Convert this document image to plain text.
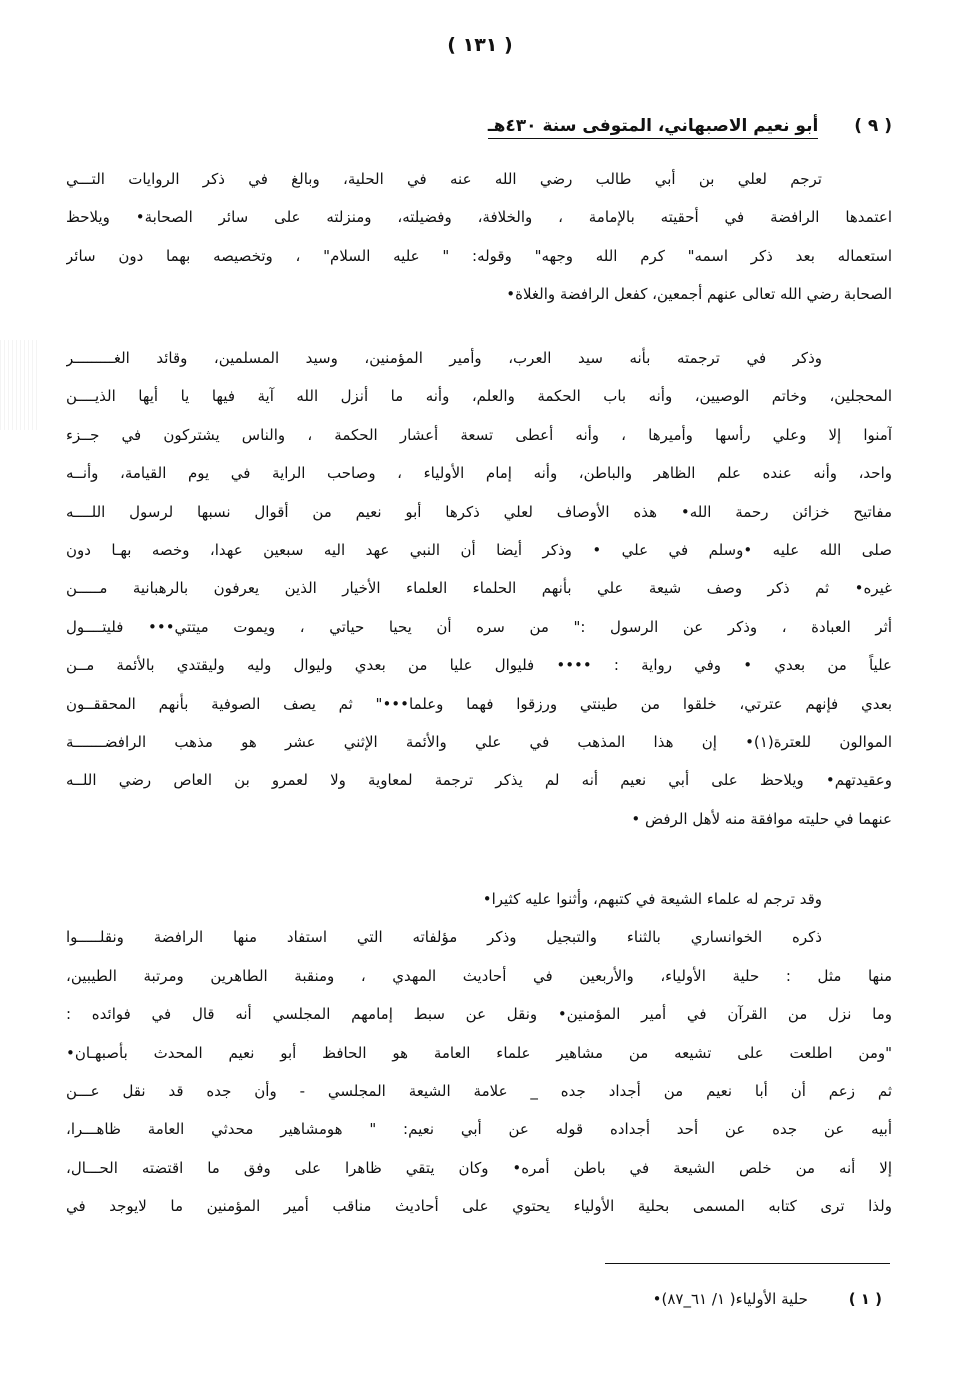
( ١٣١ )
( ٩ ) أبو نعيم الاصبهاني، المتوفى سنة ٤٣٠هـ
ترجم لعلي بن أبي طالب رضي الله عنه في الحلية، وبالغ في ذكر الروايات التـــي
اعتمدها الرافضة في أحقيته بالإمامة ، والخلافة، وفضيلته، ومنزلته على سائر الصحابة• ويلاحظ
استعماله بعد ذكر اسمه" كرم الله وجهه" وقوله: " عليه السلام" ، وتخصيصه بهما دون سائر
الصحابة رضي الله تعالى عنهم أجمعين، كفعل الرافضة والغلاة•
وذكر في ترجمته بأنه سيد العرب، وأمير المؤمنين، وسيد المسلمين، وقائد الغـــــــــر
المحجلين، وخاتم الوصيين، وأنه باب الحكمة والعلم، وأنه ما أنزل الله آية فيها يا أيها الذيــــن
آمنوا إلا وعلي رأسها وأميرها ، وأنه أعطى تسعة أعشار الحكمة ، والناس يشتركون في جــزء
واحد، وأنه عنده علم الظاهر والباطن، وأنه إمام الأولياء ، وصاحب الراية في يوم القيامة، وأنــه
مفاتيح خزائن رحمة الله• هذه الأوصاف لعلي ذكرها أبو نعيم من أقوال نسبها لرسول اللــــه
صلى الله عليه •وسلم في علي • وذكر أيضا أن النبي عهد اليه سبعين عهدا، وخصه بهـا دون
غيره• ثم ذكر وصف شيعة علي بأنهم الحلماء العلماء الأخيار الذين يعرفون بالرهبانية مـــــن
أثر العبادة ، وذكر عن الرسول :" من سره أن يحيا حياتي ، ويموت ميتتي••• فليتــــول
علياً من بعدي • وفي رواية : •••• فليوال عليا من بعدي وليوال وليه وليقتدي بالأئمة مــن
بعدي فإنهم عترتي، خلقوا من طينتي ورزقوا فهما وعلما•••" ثم يصف الصوفية بأنهم المحققــون
الموالون للعترة(١)• إن هذا المذهب في علي والأئمة الإثني عشر هو مذهب الرافضـــــــة
وعقيدتهم• ويلاحظ على أبي نعيم أنه لم يذكر ترجمة لمعاوية ولا لعمرو بن العاص رضي اللــه
عنهما في حليته موافقة منه لأهل الرفض •
وقد ترجم له علماء الشيعة في كتبهم، وأثنوا عليه كثيرا•
ذكره الخوانساري بالثناء والتبجيل وذكر مؤلفاته التي استفاد منها الرافضة ونقلـــــوا
منها مثل : حلية الأولياء، والأربعين في أحاديث المهدي ، ومنقبة الطاهرين ومرتبة الطيبين،
وما نزل من القرآن في أمير المؤمنين• ونقل عن سبط إمامهم المجلسي أنه قال في فوائده :
"ومن اطلعت على تشيعه من مشاهير علماء العامة هو الحافظ أبو نعيم المحدث بأصبهـان•
ثم زعم أن أبا نعيم من أجداد جده _ علامة الشيعة المجلسي - وأن جده قد نقل عـــن
أبيه عن جده عن أحد أجداده قوله عن أبي نعيم: " هومشاهير محدثي العامة ظاهـــرا،
إلا أنه من خلص الشيعة في باطن أمره• وكان يتقي ظاهرا على وفق ما اقتضته الحـــال،
ولذا ترى كتابه المسمى بحلية الأولياء يحتوي على أحاديث مناقب أمير المؤمنين ما لايوجد في
( ١ ) حلية الأولياء( ١/ ٦١_٨٧)•
